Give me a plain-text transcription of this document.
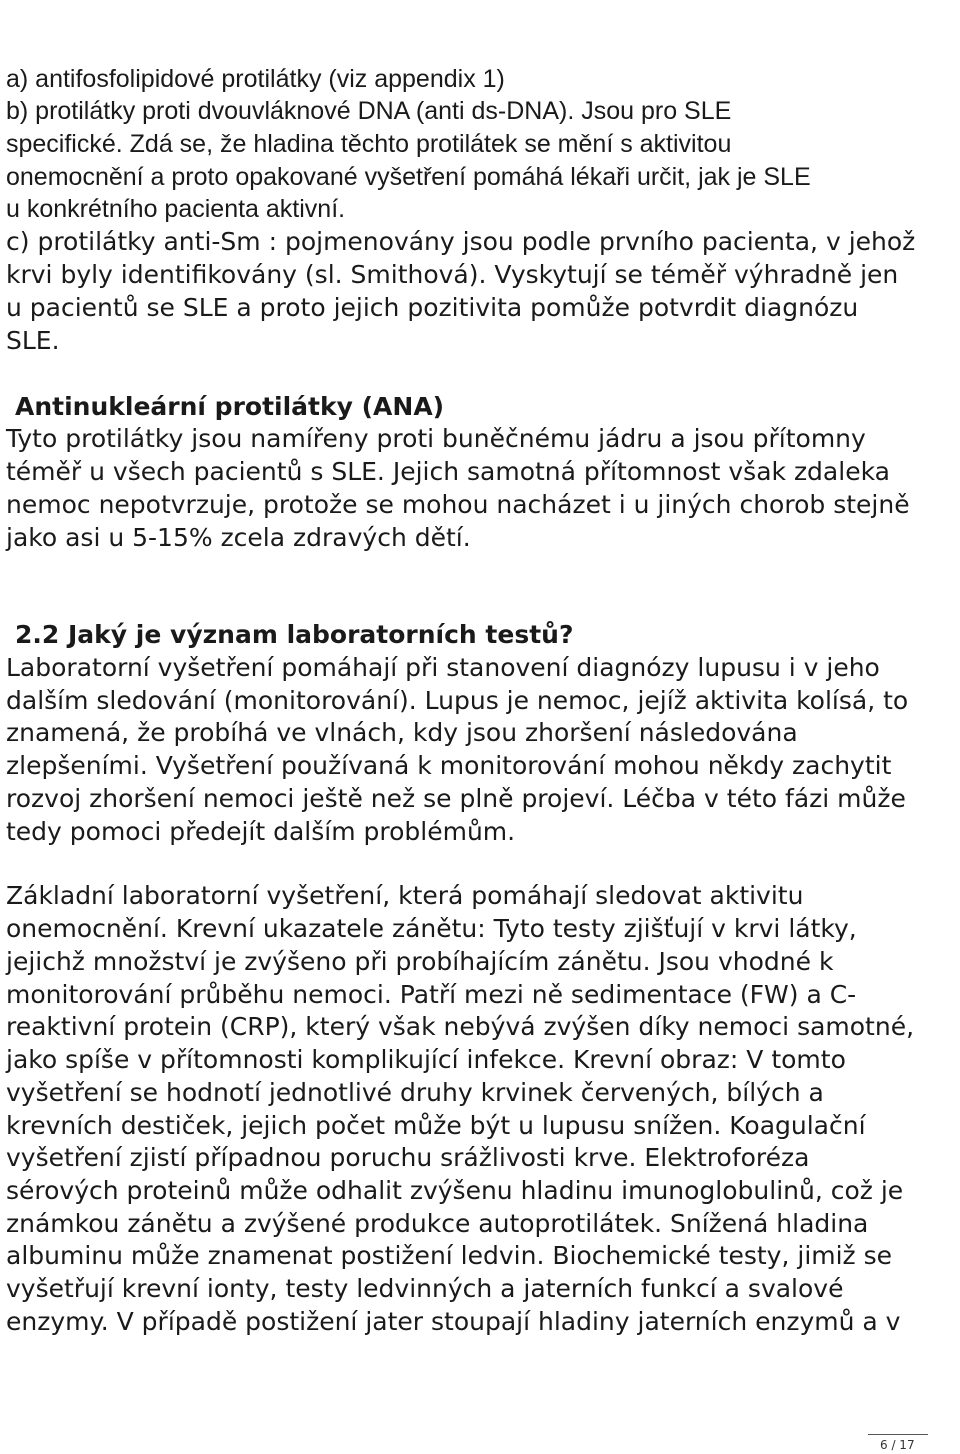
a) antifosfolipidové protilátky (viz appendix 1)
b) protilátky proti dvouvláknové DNA (anti ds-DNA). Jsou pro SLE
specifické. Zdá se, že hladina těchto protilátek se mění s aktivitou
onemocnění a proto opakované vyšetření pomáhá lékaři určit, jak je SLE
u konkrétního pacienta aktivní.
c) protilátky anti-Sm : pojmenovány jsou podle prvního pacienta, v jehož
krvi byly identifikovány (sl. Smithová). Vyskytují se téměř výhradně jen
u pacientů se SLE a proto jejich pozitivita pomůže potvrdit diagnózu
SLE.
Antinukleární protilátky (ANA)
Tyto protilátky jsou namířeny proti buněčnému jádru a jsou přítomny
téměř u všech pacientů s SLE. Jejich samotná přítomnost však zdaleka
nemoc nepotvrzuje, protože se mohou nacházet i u jiných chorob stejně
jako asi u 5-15% zcela zdravých dětí.
2.2 Jaký je význam laboratorních testů?
Laboratorní vyšetření pomáhají při stanovení diagnózy lupusu i v jeho
dalším sledování (monitorování). Lupus je nemoc, jejíž aktivita kolísá, to
znamená, že probíhá ve vlnách, kdy jsou zhoršení následována
zlepšeními. Vyšetření používaná k monitorování mohou někdy zachytit
rozvoj zhoršení nemoci ještě než se plně projeví. Léčba v této fázi může
tedy pomoci předejít dalším problémům.
Základní laboratorní vyšetření, která pomáhají sledovat aktivitu
onemocnění. Krevní ukazatele zánětu: Tyto testy zjišťují v krvi látky,
jejichž množství je zvýšeno při probíhajícím zánětu. Jsou vhodné k
monitorování průběhu nemoci. Patří mezi ně sedimentace (FW) a C-
reaktivní protein (CRP), který však nebývá zvýšen díky nemoci samotné,
jako spíše v přítomnosti komplikující infekce. Krevní obraz: V tomto
vyšetření se hodnotí jednotlivé druhy krvinek červených, bílých a
krevních destiček, jejich počet může být u lupusu snížen. Koagulační
vyšetření zjistí případnou poruchu srážlivosti krve. Elektroforéza
sérových proteinů může odhalit zvýšenu hladinu imunoglobulinů, což je
známkou zánětu a zvýšené produkce autoprotilátek. Snížená hladina
albuminu může znamenat postižení ledvin. Biochemické testy, jimiž se
vyšetřují krevní ionty, testy ledvinných a jaterních funkcí a svalové
enzymy. V případě postižení jater stoupají hladiny jaterních enzymů a v
6 / 17
